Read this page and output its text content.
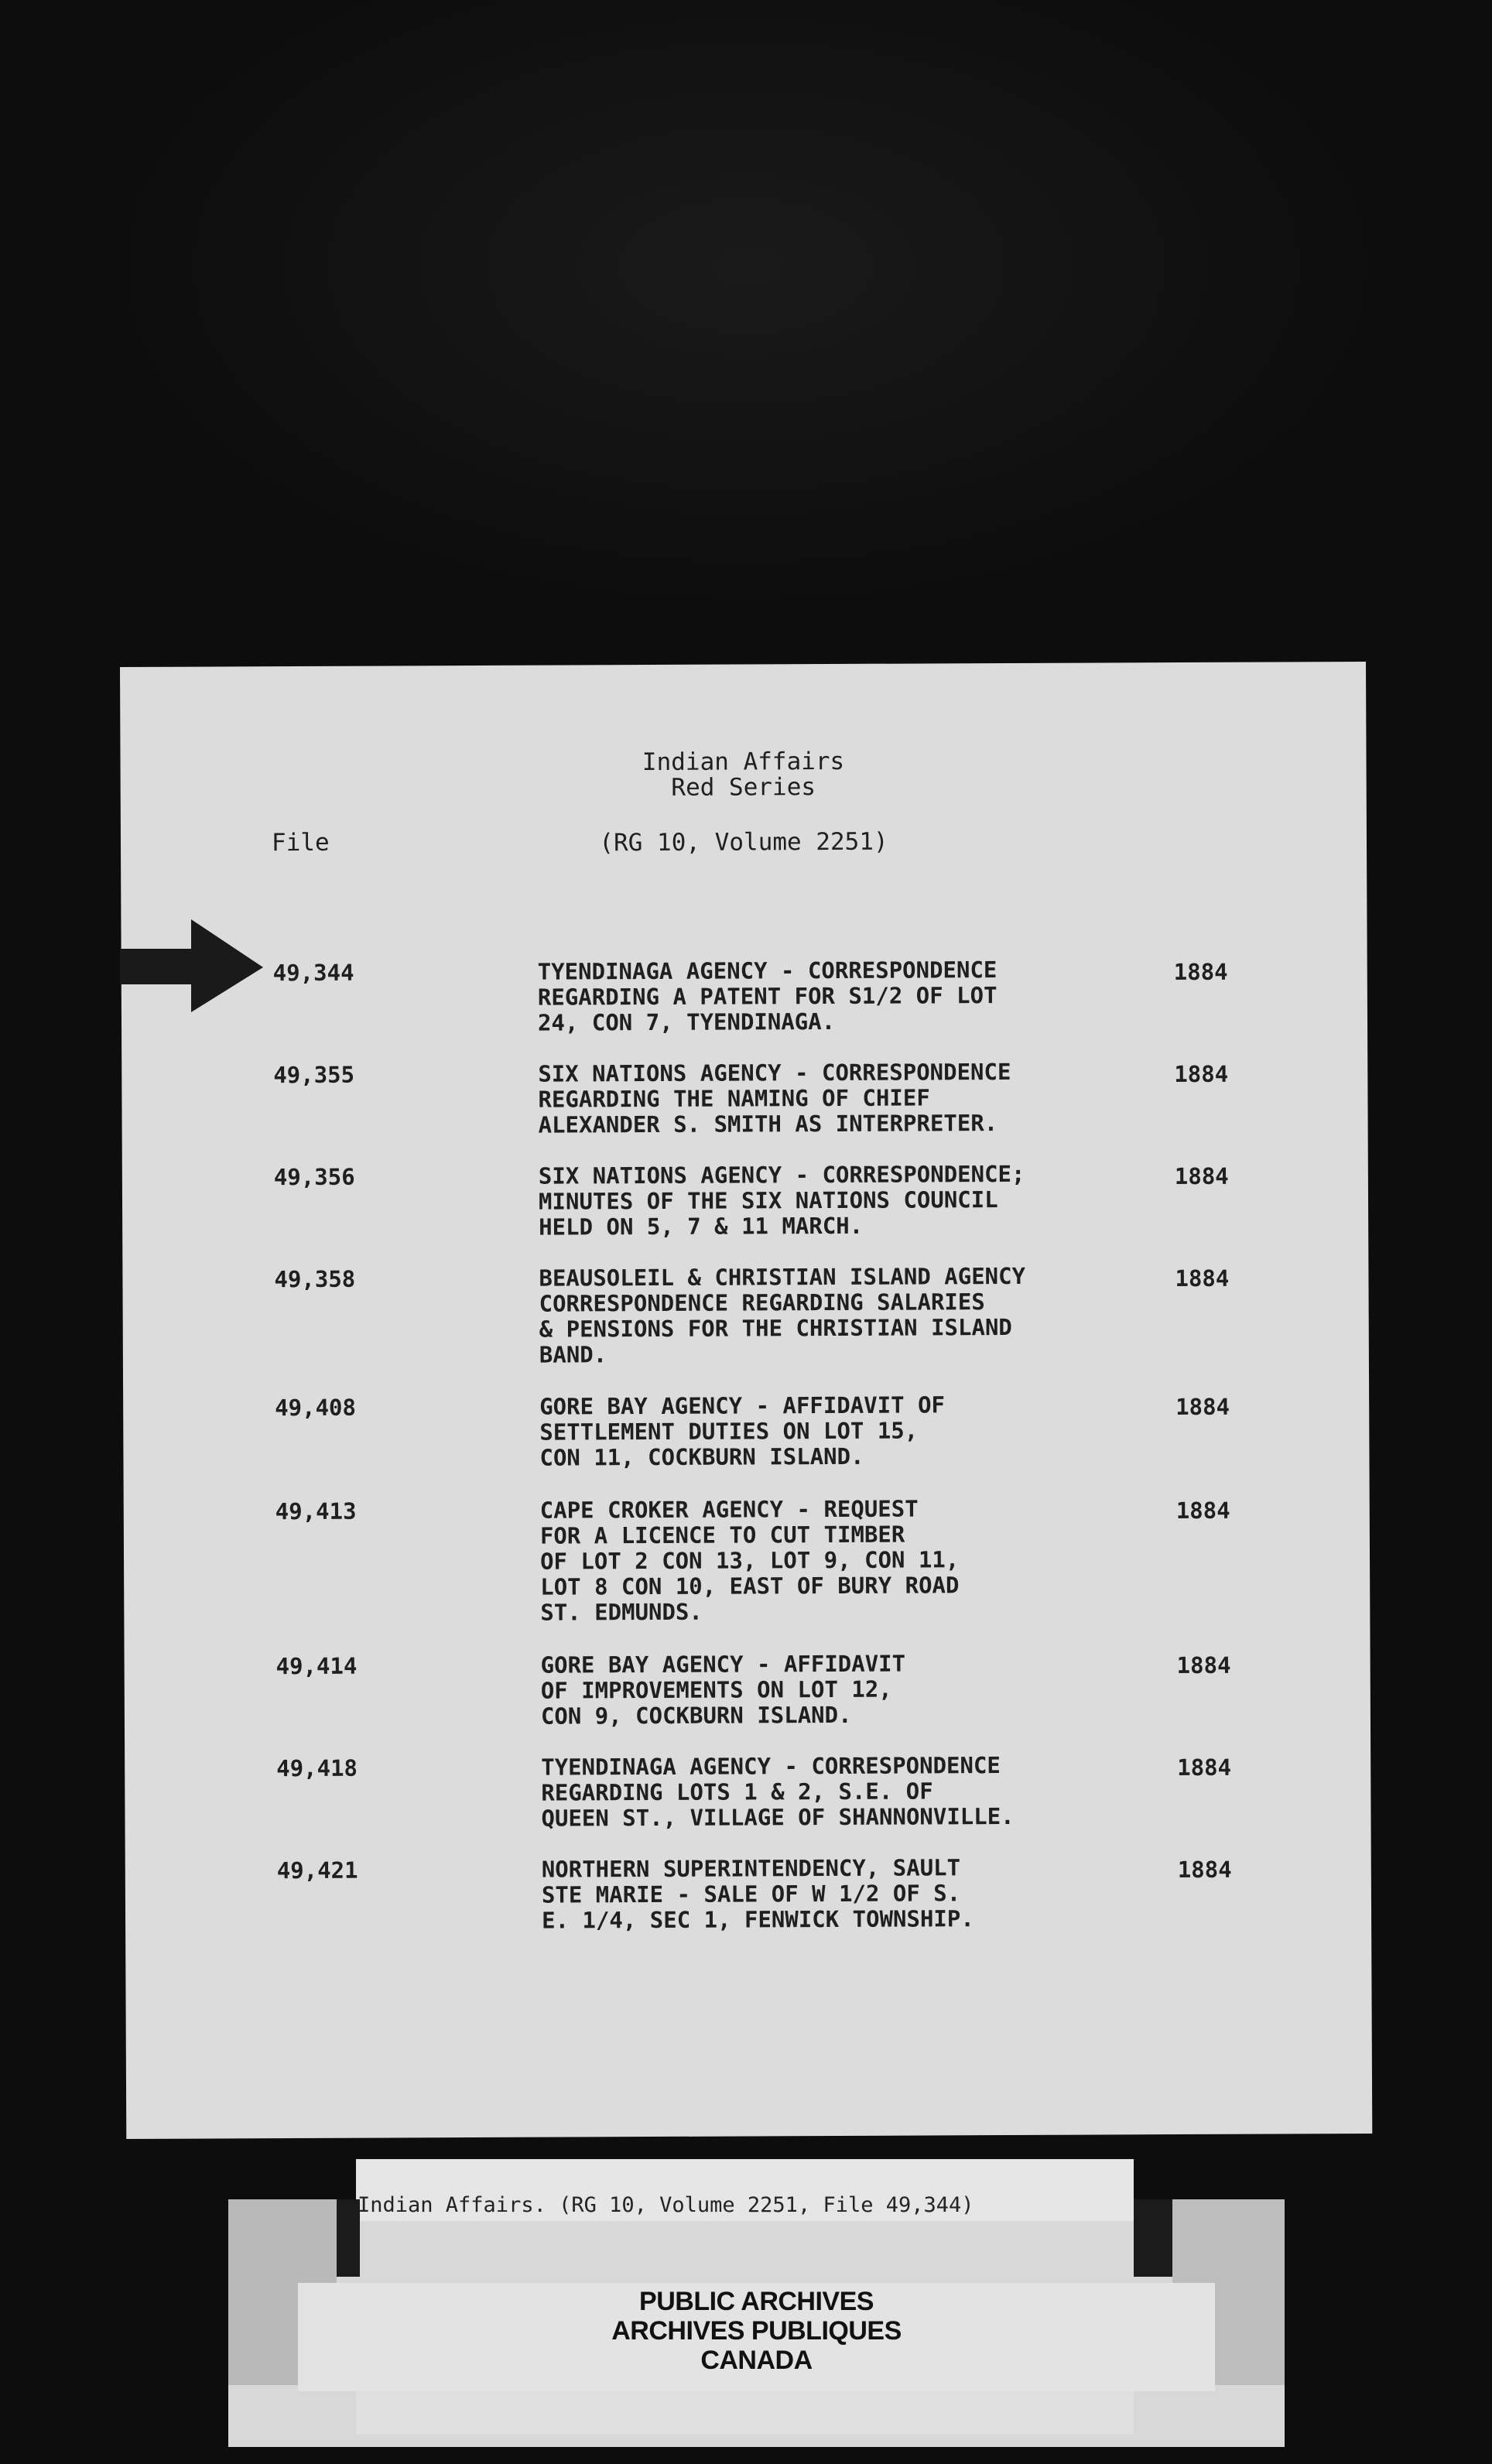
Indian Affairs
Red Series
File	(RG 10, Volume 2251)
49,344	TYENDINAGA AGENCY - CORRESPONDENCE
REGARDING A PATENT FOR S1/2 OF LOT
24, CON 7, TYENDINAGA.
1884
49,355	SIX NATIONS AGENCY - CORRESPONDENCE
REGARDING THE NAMING OF CHIEF
ALEXANDER S. SMITH AS INTERPRETER.
1884
49,356	SIX NATIONS AGENCY - CORRESPONDENCE;
MINUTES OF THE SIX NATIONS COUNCIL
HELD ON 5, 7 & 11 MARCH.
1884
49,358	BEAUSOLEIL & CHRISTIAN ISLAND AGENCY
CORRESPONDENCE REGARDING SALARIES
& PENSIONS FOR THE CHRISTIAN ISLAND
BAND.
1884
49,408	GORE BAY AGENCY - AFFIDAVIT OF
SETTLEMENT DUTIES ON LOT 15,
CON 11, COCKBURN ISLAND.
1884
49,413	CAPE CROKER AGENCY - REQUEST
FOR A LICENCE TO CUT TIMBER
OF LOT 2 CON 13, LOT 9, CON 11,
LOT 8 CON 10, EAST OF BURY ROAD
ST. EDMUNDS.
1884
49,414	GORE BAY AGENCY - AFFIDAVIT
OF IMPROVEMENTS ON LOT 12,
CON 9, COCKBURN ISLAND.
1884
49,418	TYENDINAGA AGENCY - CORRESPONDENCE
REGARDING LOTS 1 & 2, S.E. OF
QUEEN ST., VILLAGE OF SHANNONVILLE.
1884
49,421	NORTHERN SUPERINTENDENCY, SAULT
STE MARIE - SALE OF W 1/2 OF S.
E. 1/4, SEC 1, FENWICK TOWNSHIP.
1884
Indian Affairs. (RG 10, Volume 2251, File 49,344)
PUBLIC ARCHIVES
ARCHIVES PUBLIQUES
CANADA
